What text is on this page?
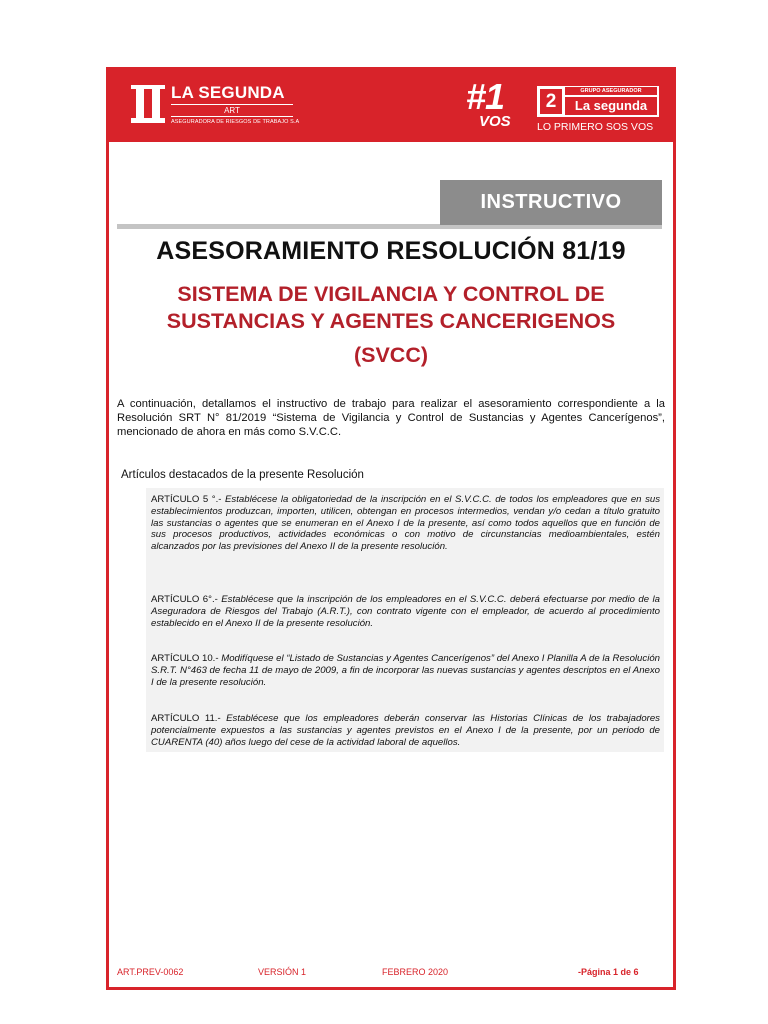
LA SEGUNDA
ART
ASEGURADORA DE RIESGOS DE TRABAJO S.A
#1
VOS
2	GRUPO ASEGURADOR
La segunda
LO PRIMERO SOS VOS
INSTRUCTIVO
ASESORAMIENTO RESOLUCIÓN 81/19
SISTEMA DE VIGILANCIA Y CONTROL DE
SUSTANCIAS Y AGENTES CANCERIGENOS
(SVCC)
A continuación, detallamos el instructivo de trabajo para realizar el asesoramiento correspondiente a la Resolución SRT N° 81/2019 “Sistema de Vigilancia y Control de Sustancias y Agentes Cancerígenos”, mencionado de ahora en más como S.V.C.C.
Artículos destacados de la presente Resolución
ARTÍCULO 5 °.- Establécese la obligatoriedad de la inscripción en el S.V.C.C. de todos los empleadores que en sus establecimientos produzcan, importen, utilicen, obtengan en procesos intermedios, vendan y/o cedan a título gratuito las sustancias o agentes que se enumeran en el Anexo I de la presente, así como todos aquellos que en función de sus procesos productivos, actividades económicas o con motivo de circunstancias medioambientales, estén alcanzados por las previsiones del Anexo II de la presente resolución.
ARTÍCULO 6°.- Establécese que la inscripción de los empleadores en el S.V.C.C. deberá efectuarse por medio de la Aseguradora de Riesgos del Trabajo (A.R.T.), con contrato vigente con el empleador, de acuerdo al procedimiento establecido en el Anexo II de la presente resolución.
ARTÍCULO 10.- Modifíquese el “Listado de Sustancias y Agentes Cancerígenos” del Anexo I Planilla A de la Resolución S.R.T. N°463 de fecha 11 de mayo de 2009, a fin de incorporar las nuevas sustancias y agentes descriptos en el Anexo I de la presente resolución.
ARTÍCULO 11.- Establécese que los empleadores deberán conservar las Historias Clínicas de los trabajadores potencialmente expuestos a las sustancias y agentes previstos en el Anexo I de la presente, por un periodo de CUARENTA (40) años luego del cese de la actividad laboral de aquellos.
ART.PREV-0062	VERSIÓN 1	FEBRERO 2020	-Página 1 de 6
